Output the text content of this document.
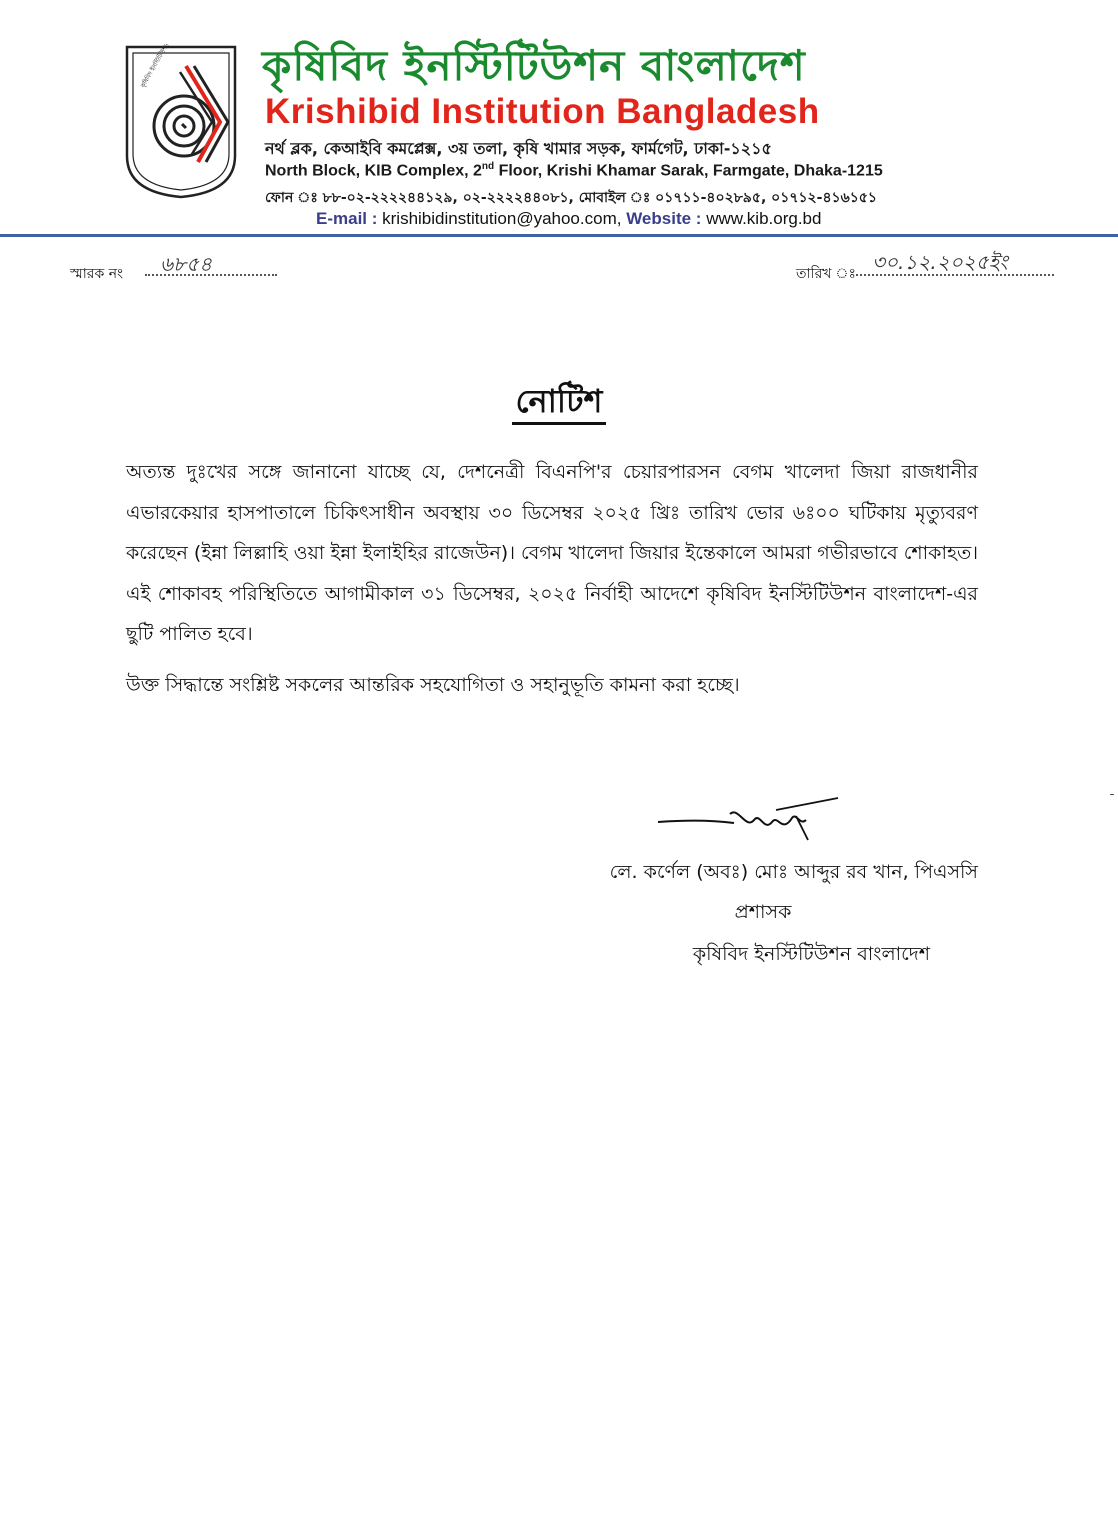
কৃষিবিদ ইনস্টিটিউশন বাংলাদেশ
Krishibid Institution Bangladesh
নর্থ ব্লক, কেআইবি কমপ্লেক্স, ৩য় তলা, কৃষি খামার সড়ক, ফার্মগেট, ঢাকা-১২১৫
North Block, KIB Complex, 2nd Floor, Krishi Khamar Sarak, Farmgate, Dhaka-1215
ফোন ঃ ৮৮-০২-২২২২৪৪১২৯, ০২-২২২২৪৪০৮১, মোবাইল ঃ ০১৭১১-৪০২৮৯৫, ০১৭১২-৪১৬১৫১
E-mail : krishibidinstitution@yahoo.com, Website : www.kib.org.bd
স্মারক নং ৬৮৫৪	তারিখ ঃ ৩০.১২.২০২৫ইং
নোটিশ
অত্যন্ত দুঃখের সঙ্গে জানানো যাচ্ছে যে, দেশনেত্রী বিএনপি'র চেয়ারপারসন বেগম খালেদা জিয়া রাজধানীর এভারকেয়ার হাসপাতালে চিকিৎসাধীন অবস্থায় ৩০ ডিসেম্বর ২০২৫ খ্রিঃ তারিখ ভোর ৬ঃ০০ ঘটিকায় মৃত্যুবরণ করেছেন (ইন্না লিল্লাহি ওয়া ইন্না ইলাইহির রাজেউন)। বেগম খালেদা জিয়ার ইন্তেকালে আমরা গভীরভাবে শোকাহত। এই শোকাবহ পরিস্থিতিতে আগামীকাল ৩১ ডিসেম্বর, ২০২৫ নির্বাহী আদেশে কৃষিবিদ ইনস্টিটিউশন বাংলাদেশ-এর ছুটি পালিত হবে।
উক্ত সিদ্ধান্তে সংশ্লিষ্ট সকলের আন্তরিক সহযোগিতা ও সহানুভূতি কামনা করা হচ্ছে।
লে. কর্ণেল (অবঃ) মোঃ আব্দুর রব খান, পিএসসি
প্রশাসক
কৃষিবিদ ইনস্টিটিউশন বাংলাদেশ
